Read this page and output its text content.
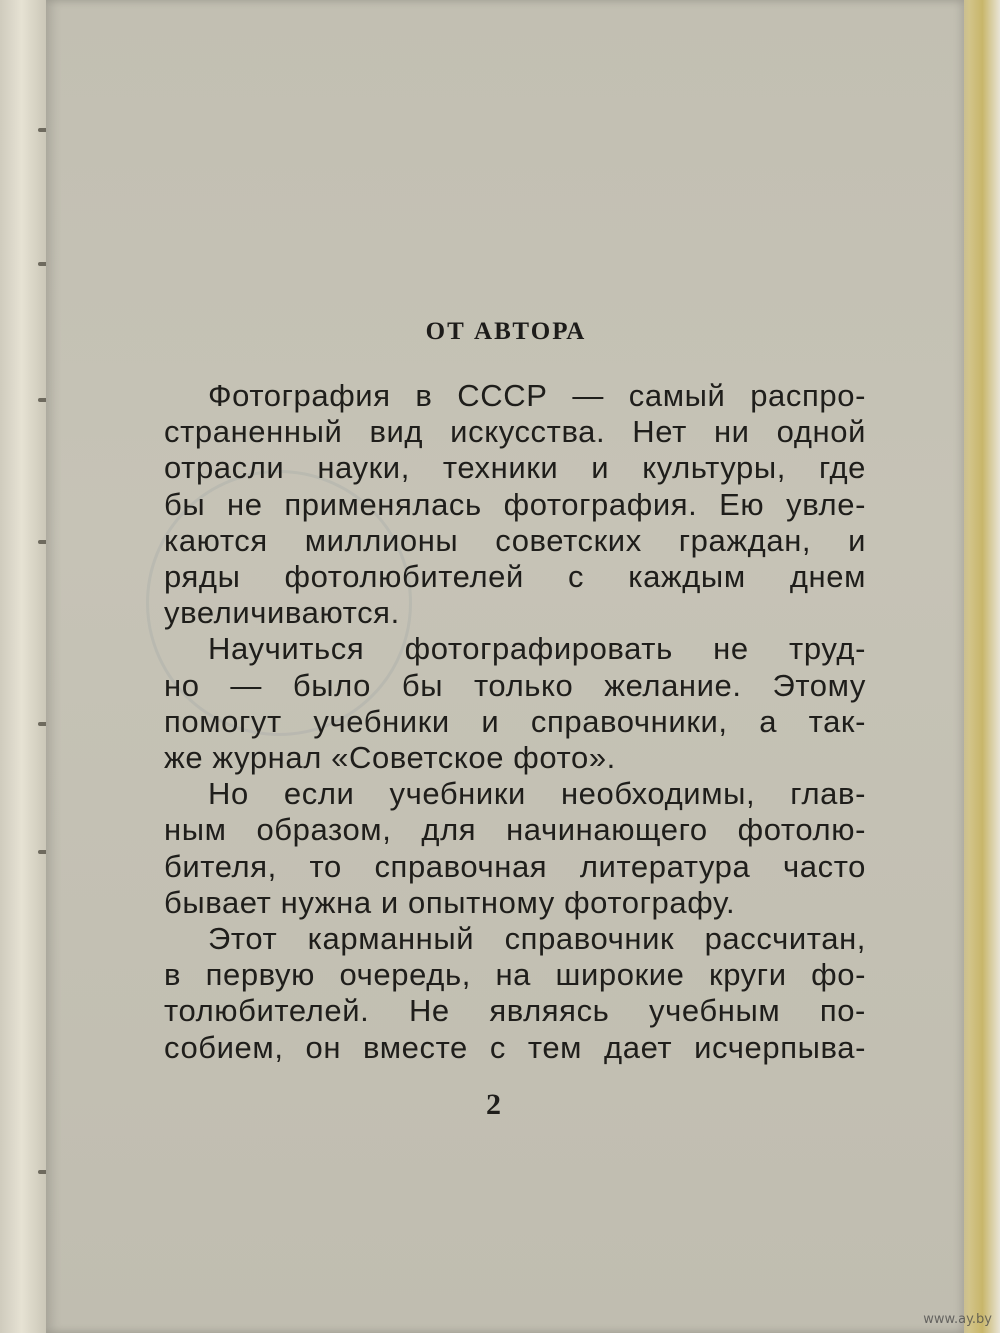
ОТ АВТОРА
Фотография в СССР — самый распро-
страненный вид искусства. Нет ни одной
отрасли науки, техники и культуры, где
бы не применялась фотография. Ею увле-
каются миллионы советских граждан, и
ряды фотолюбителей с каждым днем
увеличиваются.
Научиться фотографировать не труд-
но — было бы только желание. Этому
помогут учебники и справочники, а так-
же журнал «Советское фото».
Но если учебники необходимы, глав-
ным образом, для начинающего фотолю-
бителя, то справочная литература часто
бывает нужна и опытному фотографу.
Этот карманный справочник рассчитан,
в первую очередь, на широкие круги фо-
толюбителей. Не являясь учебным по-
собием, он вместе с тем дает исчерпыва-
2
www.ay.by
